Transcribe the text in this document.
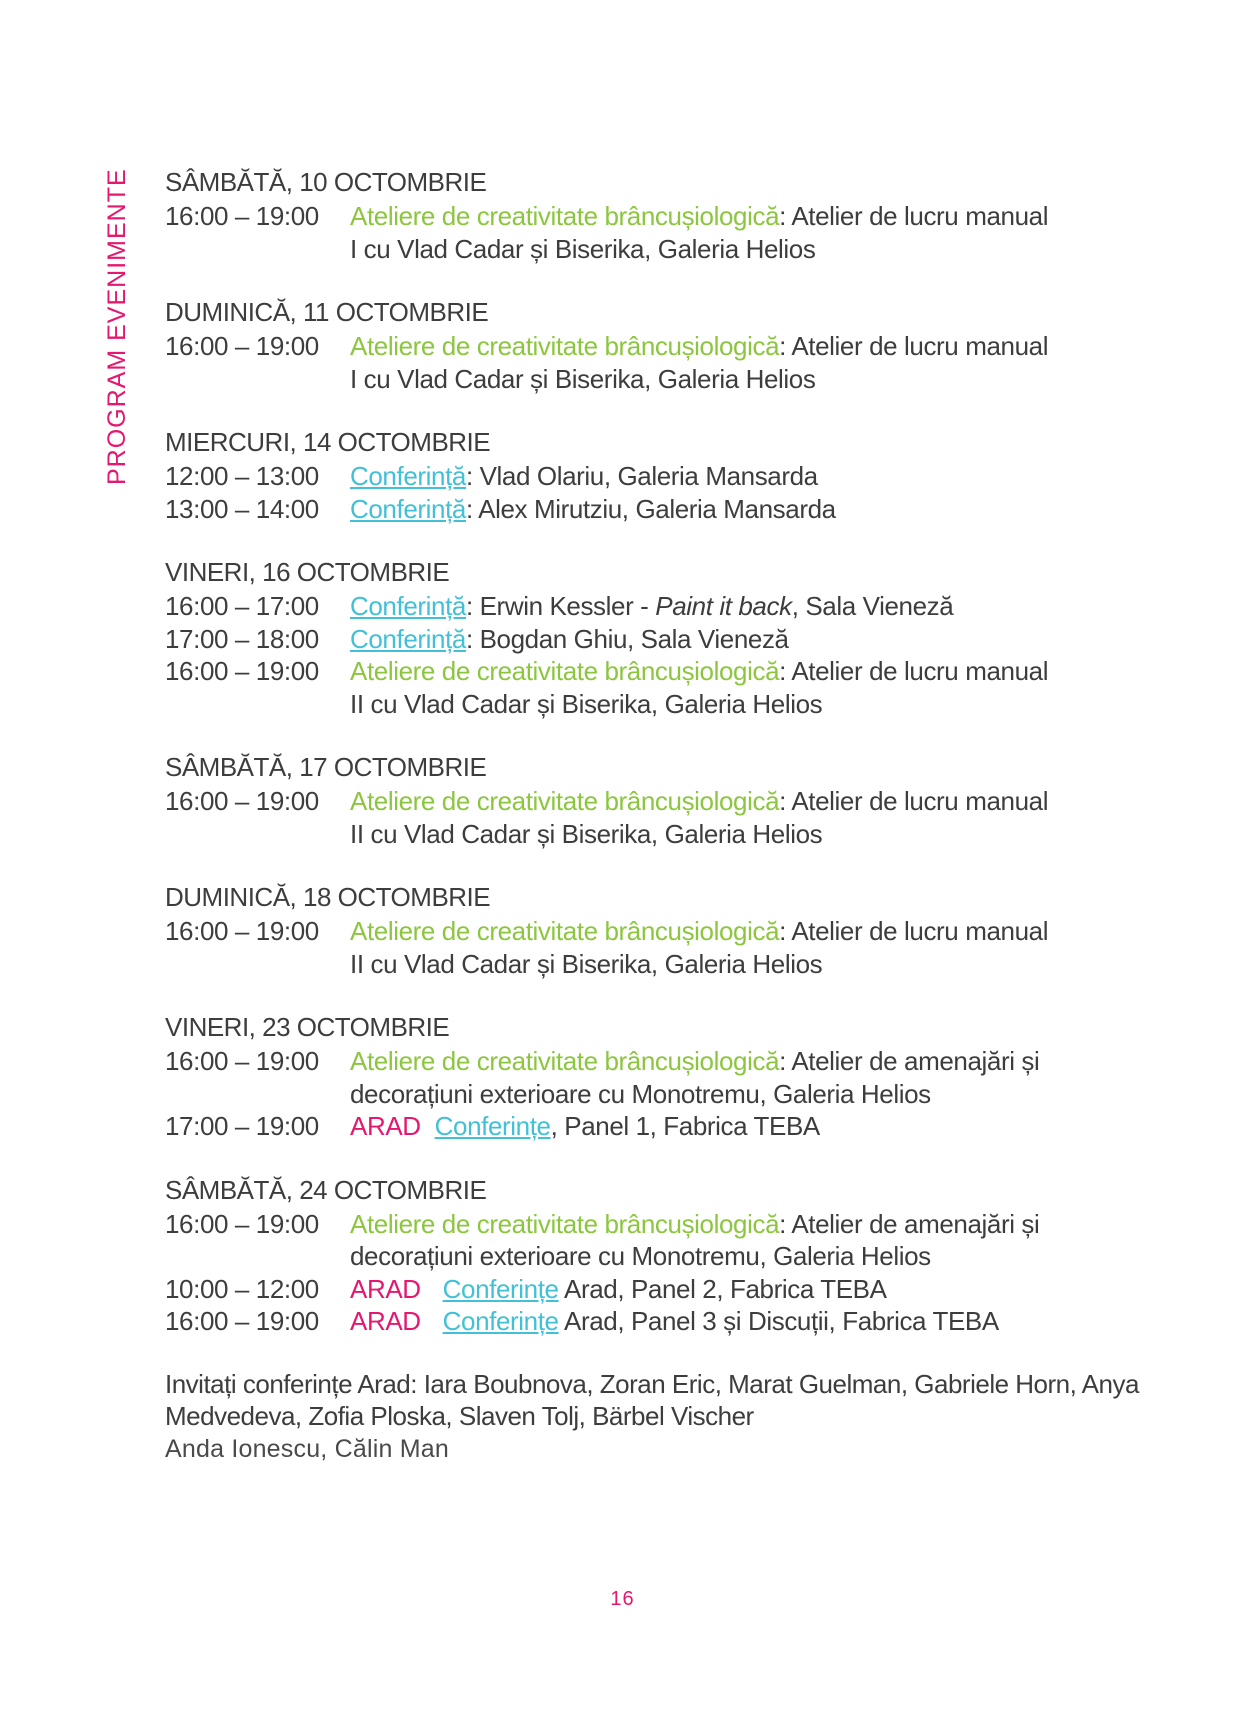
PROGRAM EVENIMENTE SÂMBĂTĂ, 10 OCTOMBRIE
16:00 – 19:00	Ateliere de creativitate brâncușiologică: Atelier de lucru manual I cu Vlad Cadar și Biserika, Galeria Helios
DUMINICĂ, 11 OCTOMBRIE
16:00 – 19:00	Ateliere de creativitate brâncușiologică: Atelier de lucru manual I cu Vlad Cadar și Biserika, Galeria Helios
MIERCURI, 14 OCTOMBRIE
12:00 – 13:00	Conferință: Vlad Olariu, Galeria Mansarda
13:00 – 14:00	Conferință: Alex Mirutziu, Galeria Mansarda
VINERI, 16 OCTOMBRIE
16:00 – 17:00	Conferință: Erwin Kessler - Paint it back, Sala Vieneză
17:00 – 18:00	Conferință: Bogdan Ghiu, Sala Vieneză
16:00 – 19:00	Ateliere de creativitate brâncușiologică: Atelier de lucru manual II cu Vlad Cadar și Biserika, Galeria Helios
SÂMBĂTĂ, 17 OCTOMBRIE
16:00 – 19:00	Ateliere de creativitate brâncușiologică: Atelier de lucru manual II cu Vlad Cadar și Biserika, Galeria Helios
DUMINICĂ, 18 OCTOMBRIE
16:00 – 19:00	Ateliere de creativitate brâncușiologică: Atelier de lucru manual II cu Vlad Cadar și Biserika, Galeria Helios
VINERI, 23 OCTOMBRIE
16:00 – 19:00	Ateliere de creativitate brâncușiologică: Atelier de amenajări și decorațiuni exterioare cu Monotremu, Galeria Helios
17:00 – 19:00	ARAD Conferințe, Panel 1, Fabrica TEBA
SÂMBĂTĂ, 24 OCTOMBRIE
16:00 – 19:00	Ateliere de creativitate brâncușiologică: Atelier de amenajări și decorațiuni exterioare cu Monotremu, Galeria Helios
10:00 – 12:00	ARAD Conferințe Arad, Panel 2, Fabrica TEBA
16:00 – 19:00	ARAD Conferințe Arad, Panel 3 și Discuții, Fabrica TEBA
Invitați conferințe Arad: Iara Boubnova, Zoran Eric, Marat Guelman, Gabriele Horn, Anya Medvedeva, Zofia Ploska, Slaven Tolj, Bärbel Vischer
Anda Ionescu, Călin Man
16
